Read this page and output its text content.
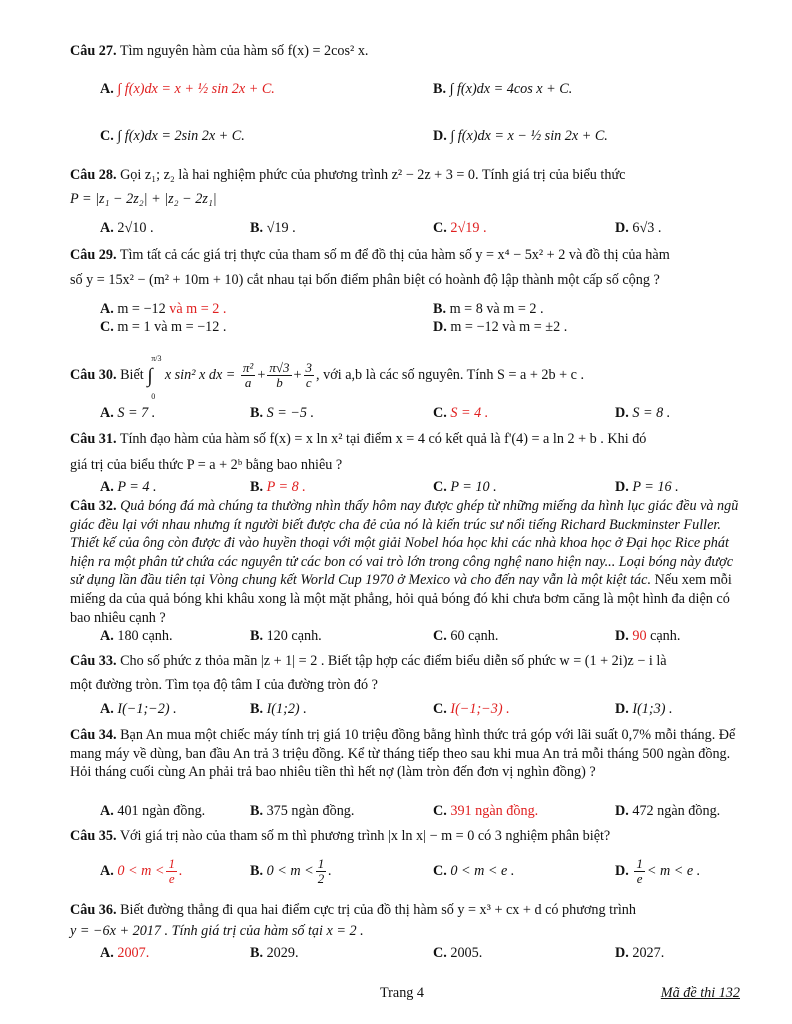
Câu 27. Tìm nguyên hàm của hàm số f(x) = 2cos² x.
A. ∫ f(x)dx = x + ½ sin 2x + C.	B. ∫ f(x)dx = 4cos x + C.
C. ∫ f(x)dx = 2sin 2x + C.	D. ∫ f(x)dx = x − ½ sin 2x + C.
Câu 28. Gọi z₁; z₂ là hai nghiệm phức của phương trình z² − 2z + 3 = 0. Tính giá trị của biểu thức
P = |z₁ − 2z₂| + |z₂ − 2z₁|
A. 2√10 .	B. √19 .	C. 2√19 .	D. 6√3 .
Câu 29. Tìm tất cả các giá trị thực của tham số m để đồ thị của hàm số y = x⁴ − 5x² + 2 và đồ thị của hàm
số y = 15x² − (m² + 10m + 10) cắt nhau tại bốn điểm phân biệt có hoành độ lập thành một cấp số cộng ?
A. m = −12 và m = 2 .	B. m = 8 và m = 2 .
C. m = 1 và m = −12 .	D. m = −12 và m = ±2 .
Câu 30. Biết
π/3
∫
0
x sin² x dx = $\frac{\text{π²}}{a} + \frac{\pi√3}{b} + \frac{3}{c}$ , với a,b là các số nguyên. Tính S = a + 2b + c .
A. S = 7 .	B. S = −5 .	C. S = 4 .	D. S = 8 .
Câu 31. Tính đạo hàm của hàm số f(x) = x ln x² tại điểm x = 4 có kết quả là f'(4) = a ln 2 + b . Khi đó
giá trị của biểu thức P = a + 2ᵇ bằng bao nhiêu ?
A. P = 4 .	B. P = 8 .	C. P = 10 .	D. P = 16 .
Câu 32. Quả bóng đá mà chúng ta thường nhìn thấy hôm nay được ghép từ những miếng da hình lục giác đều và ngũ giác đều lại với nhau nhưng ít người biết được cha đẻ của nó là kiến trúc sư nổi tiếng Richard Buckminster Fuller. Thiết kế của ông còn được đi vào huyền thoại với một giải Nobel hóa học khi các nhà khoa học ở Đại học Rice phát hiện ra một phân tử chứa các nguyên tử các bon có vai trò lớn trong công nghệ nano hiện nay... Loại bóng này được sử dụng lần đầu tiên tại Vòng chung kết World Cup 1970 ở Mexico và cho đến nay vẫn là một kiệt tác. Nếu xem mỗi miếng da của quả bóng khi khâu xong là một mặt phẳng, hỏi quả bóng đó khi chưa bơm căng là một hình đa diện có bao nhiêu cạnh ?
A. 180 cạnh.	B. 120 cạnh.	C. 60 cạnh.	D. 90 cạnh.
Câu 33. Cho số phức z thỏa mãn |z + 1| = 2 . Biết tập hợp các điểm biểu diễn số phức w = (1 + 2i)z − i là
một đường tròn. Tìm tọa độ tâm I của đường tròn đó ?
A. I(−1;−2) .	B. I(1;2) .	C. I(−1;−3) .	D. I(1;3) .
Câu 34. Bạn An mua một chiếc máy tính trị giá 10 triệu đồng bằng hình thức trả góp với lãi suất 0,7% mỗi tháng. Để mang máy về dùng, ban đầu An trả 3 triệu đồng. Kể từ tháng tiếp theo sau khi mua An trả mỗi tháng 500 ngàn đồng. Hỏi tháng cuối cùng An phải trả bao nhiêu tiền thì hết nợ (làm tròn đến đơn vị nghìn đồng) ?
A. 401 ngàn đồng.	B. 375 ngàn đồng.	C. 391 ngàn đồng.	D. 472 ngàn đồng.
Câu 35. Với giá trị nào của tham số m thì phương trình |x ln x| − m = 0 có 3 nghiệm phân biệt?
A. $0 < m < \frac{1}{e}$ .	B. $0 < m < \frac{1}{2}$ .	C. 0 < m < e .	D. $\frac{1}{e} < m < e$ .
Câu 36. Biết đường thẳng đi qua hai điểm cực trị của đồ thị hàm số y = x³ + cx + d có phương trình
y = −6x + 2017 . Tính giá trị của hàm số tại x = 2 .
A. 2007.	B. 2029.	C. 2005.	D. 2027.
Trang 4	Mã đề thi 132
